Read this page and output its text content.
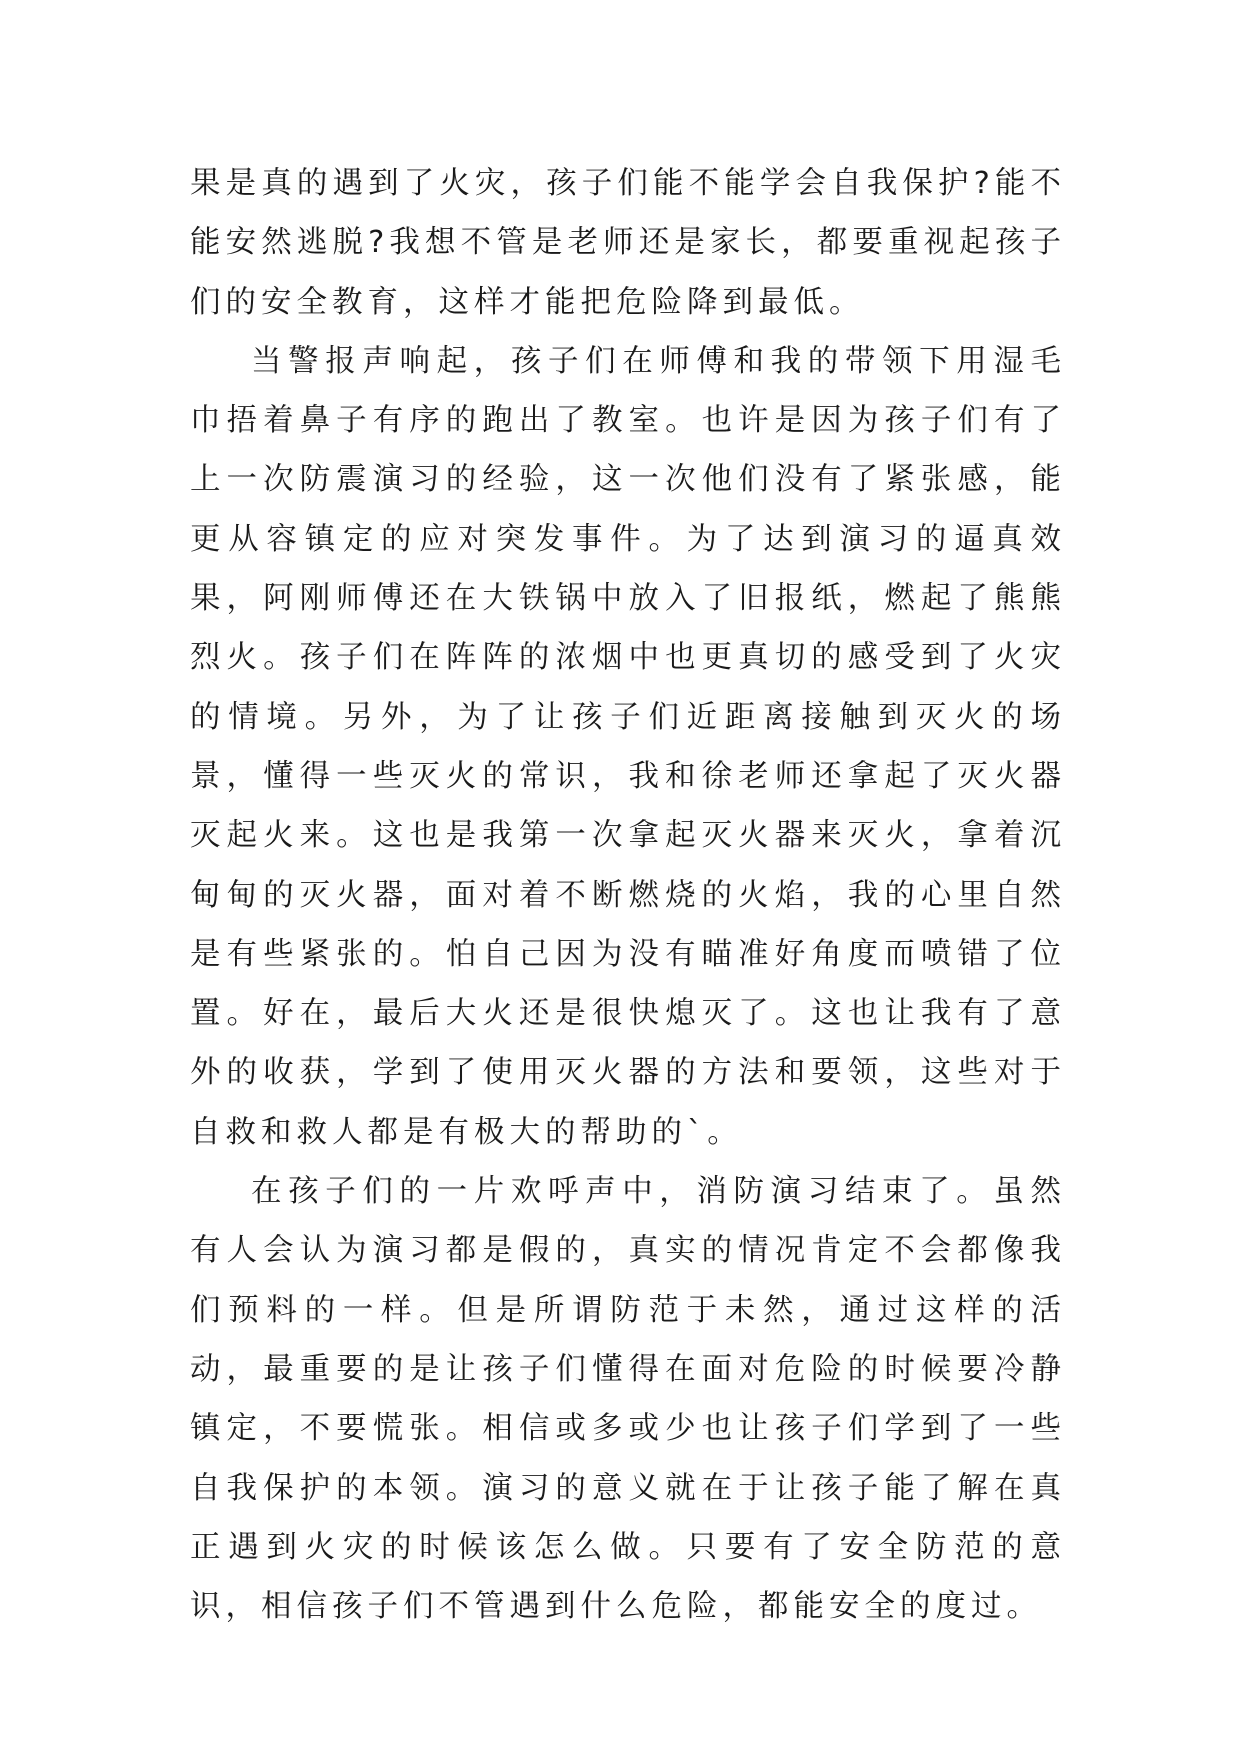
果是真的遇到了火灾，孩子们能不能学会自我保护?能不能安然逃脱?我想不管是老师还是家长，都要重视起孩子们的安全教育，这样才能把危险降到最低。

当警报声响起，孩子们在师傅和我的带领下用湿毛巾捂着鼻子有序的跑出了教室。也许是因为孩子们有了上一次防震演习的经验，这一次他们没有了紧张感，能更从容镇定的应对突发事件。为了达到演习的逼真效果，阿刚师傅还在大铁锅中放入了旧报纸，燃起了熊熊烈火。孩子们在阵阵的浓烟中也更真切的感受到了火灾的情境。另外，为了让孩子们近距离接触到灭火的场景，懂得一些灭火的常识，我和徐老师还拿起了灭火器灭起火来。这也是我第一次拿起灭火器来灭火，拿着沉甸甸的灭火器，面对着不断燃烧的火焰，我的心里自然是有些紧张的。怕自己因为没有瞄准好角度而喷错了位置。好在，最后大火还是很快熄灭了。这也让我有了意外的收获，学到了使用灭火器的方法和要领，这些对于自救和救人都是有极大的帮助的`。

在孩子们的一片欢呼声中，消防演习结束了。虽然有人会认为演习都是假的，真实的情况肯定不会都像我们预料的一样。但是所谓防范于未然，通过这样的活动，最重要的是让孩子们懂得在面对危险的时候要冷静镇定，不要慌张。相信或多或少也让孩子们学到了一些自我保护的本领。演习的意义就在于让孩子能了解在真正遇到火灾的时候该怎么做。只要有了安全防范的意识，相信孩子们不管遇到什么危险，都能安全的度过。
